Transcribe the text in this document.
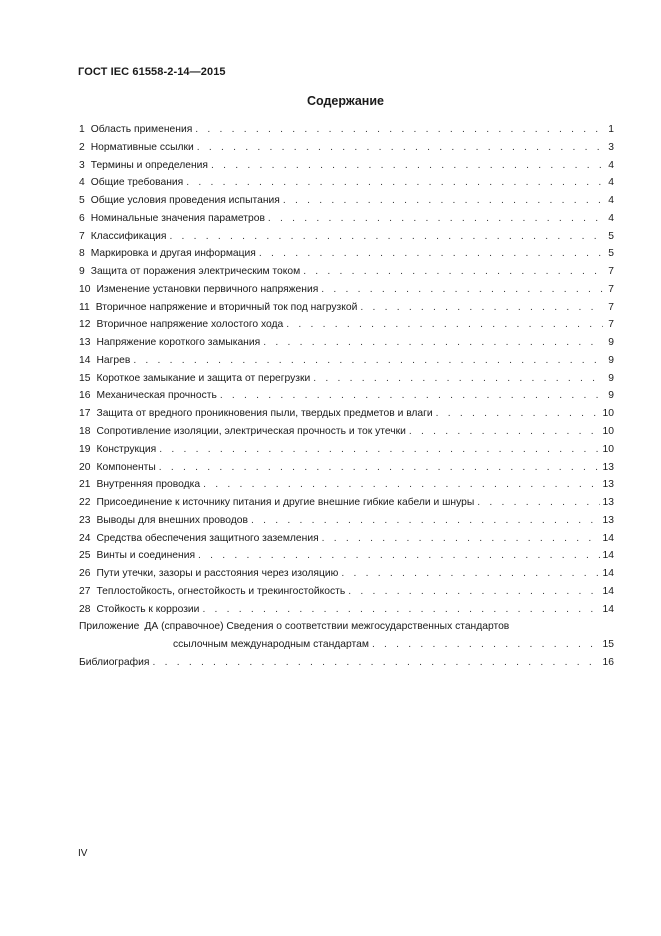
ГОСТ IEC 61558-2-14—2015
Содержание
1 Область применения . . .	1
2 Нормативные ссылки . . .	3
3 Термины и определения . . .	4
4 Общие требования . . .	4
5 Общие условия проведения испытания . . .	4
6 Номинальные значения параметров . . .	4
7 Классификация . . .	5
8 Маркировка и другая информация . . .	5
9 Защита от поражения электрическим током . . .	7
10 Изменение установки первичного напряжения . . .	7
11 Вторичное напряжение и вторичный ток под нагрузкой . . .	7
12 Вторичное напряжение холостого хода . . .	7
13 Напряжение короткого замыкания . . .	9
14 Нагрев . . .	9
15 Короткое замыкание и защита от перегрузки . . .	9
16 Механическая прочность . . .	9
17 Защита от вредного проникновения пыли, твердых предметов и влаги . . .	10
18 Сопротивление изоляции, электрическая прочность и ток утечки . . .	10
19 Конструкция . . .	10
20 Компоненты . . .	13
21 Внутренняя проводка . . .	13
22 Присоединение к источнику питания и другие внешние гибкие кабели и шнуры . . .	13
23 Выводы для внешних проводов . . .	13
24 Средства обеспечения защитного заземления . . .	14
25 Винты и соединения . . .	14
26 Пути утечки, зазоры и расстояния через изоляцию . . .	14
27 Теплостойкость, огнестойкость и трекингостойкость . . .	14
28 Стойкость к коррозии . . .	14
Приложение ДА (справочное) Сведения о соответствии межгосударственных стандартов
ссылочным международным стандартам . . .	15
Библиография . . .	16
IV
